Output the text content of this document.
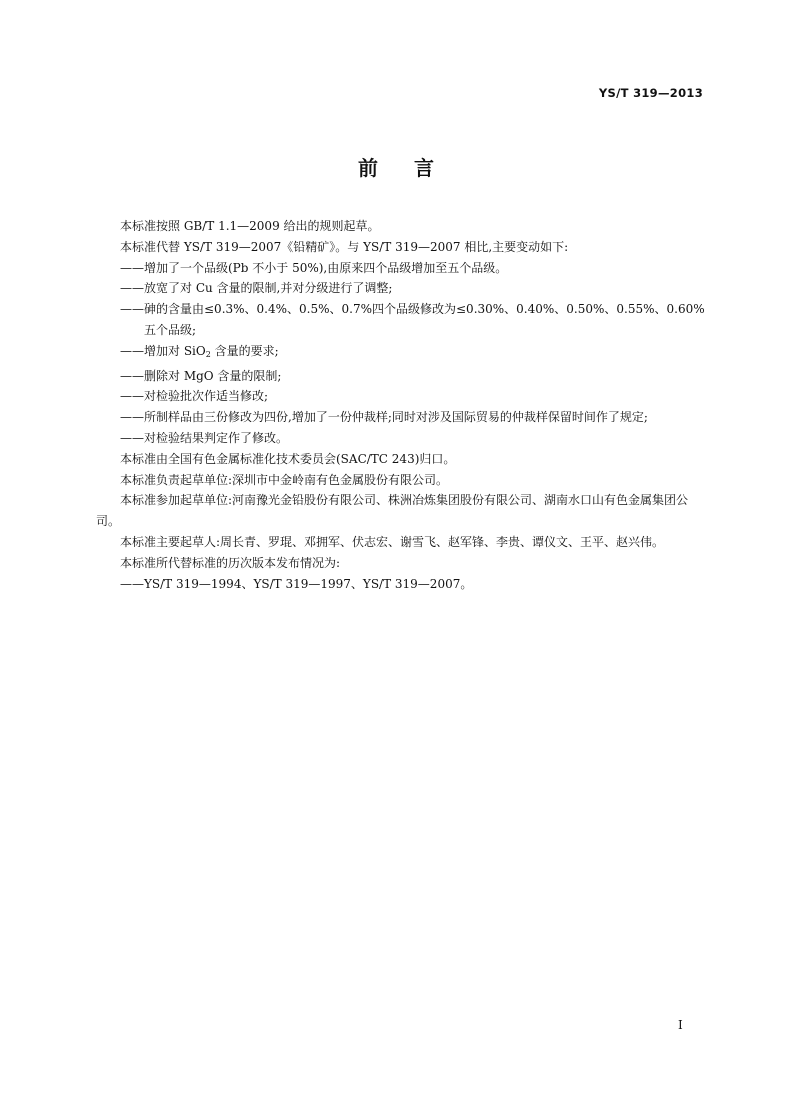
YS/T 319—2013
前言

本标准按照 GB/T 1.1—2009 给出的规则起草。

本标准代替 YS/T 319—2007《铅精矿》。与 YS/T 319—2007 相比,主要变动如下:

——增加了一个品级(Pb 不小于 50%),由原来四个品级增加至五个品级。

——放宽了对 Cu 含量的限制,并对分级进行了调整;

——砷的含量由≤0.3%、0.4%、0.5%、0.7%四个品级修改为≤0.30%、0.40%、0.50%、0.55%、0.60%五个品级;

——增加对 SiO$_2$ 含量的要求;

——删除对 MgO 含量的限制;

——对检验批次作适当修改;

——所制样品由三份修改为四份,增加了一份仲裁样;同时对涉及国际贸易的仲裁样保留时间作了规定;

——对检验结果判定作了修改。

本标准由全国有色金属标准化技术委员会(SAC/TC 243)归口。

本标准负责起草单位:深圳市中金岭南有色金属股份有限公司。

本标准参加起草单位:河南豫光金铅股份有限公司、株洲冶炼集团股份有限公司、湖南水口山有色金属集团公司。

本标准主要起草人:周长青、罗琨、邓拥军、伏志宏、谢雪飞、赵军锋、李贵、谭仪文、王平、赵兴伟。

本标准所代替标准的历次版本发布情况为:

——YS/T 319—1994、YS/T 319—1997、YS/T 319—2007。

I
